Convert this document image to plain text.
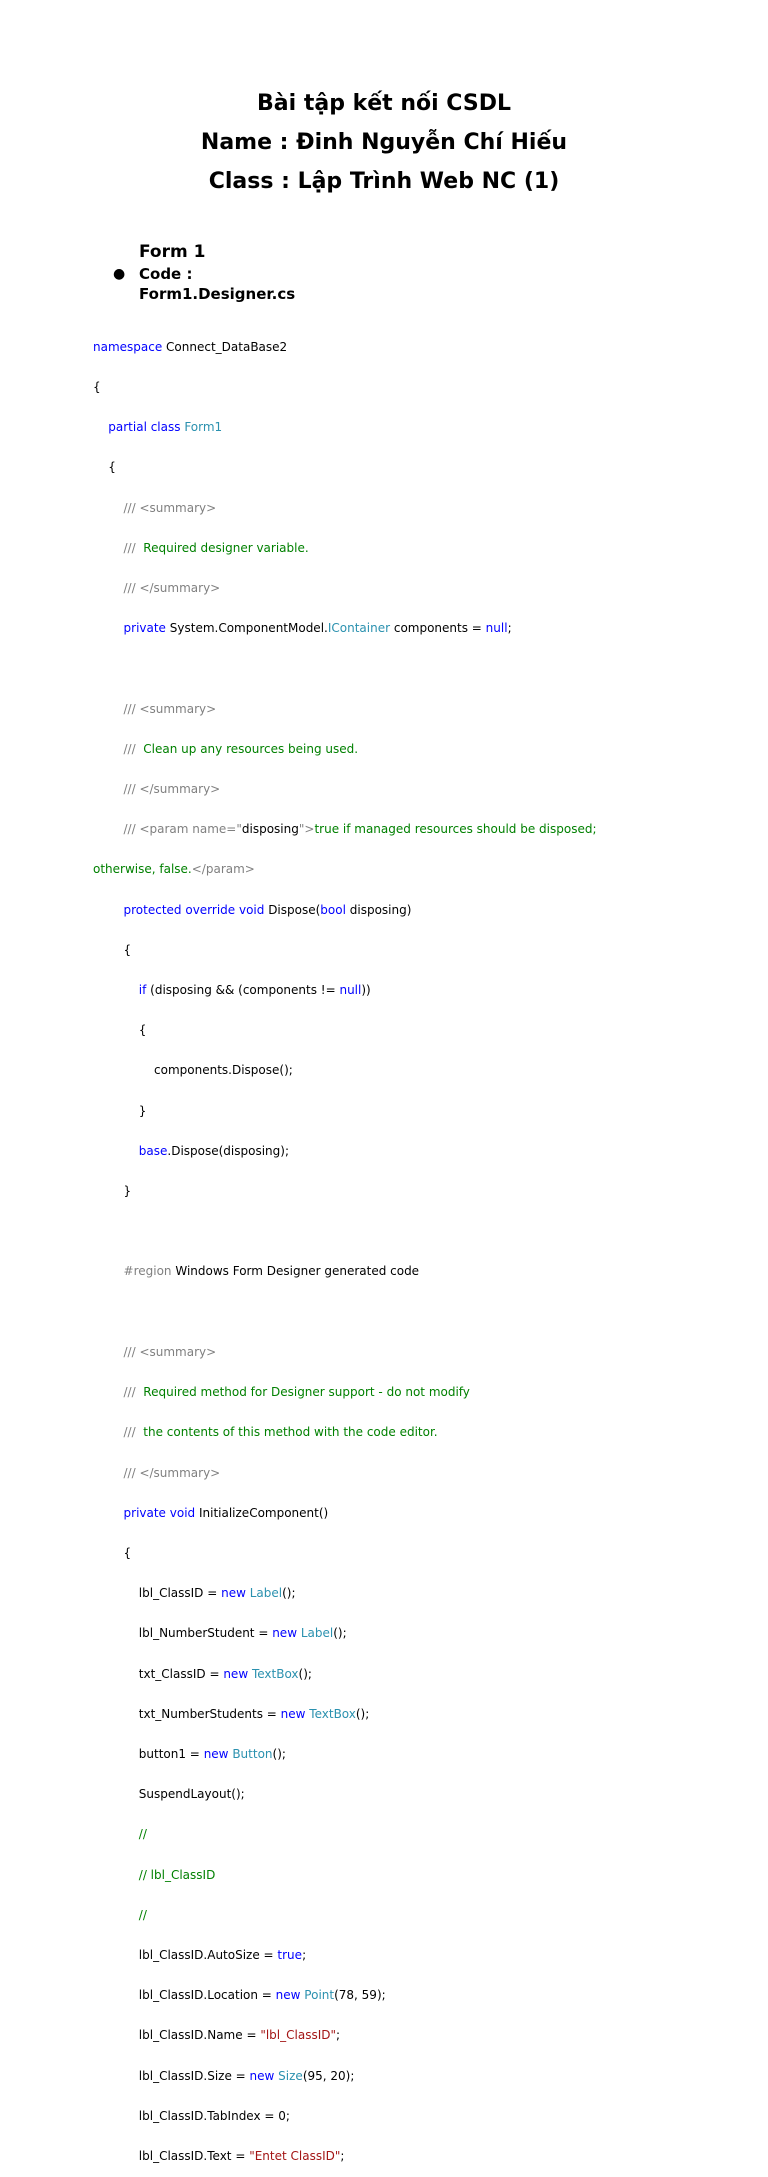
Bài tập kết nối CSDL
Name : Đinh Nguyễn Chí Hiếu
Class : Lập Trình Web NC (1)
Form 1
● Code :
Form1.Designer.cs

namespace Connect_DataBase2

{

partial class Form1

{

/// <summary>

///  Required designer variable.

/// </summary>

private System.ComponentModel.IContainer components = null;

/// <summary>

///  Clean up any resources being used.

/// </summary>

/// <param name="disposing">true if managed resources should be disposed;

otherwise, false.</param>

protected override void Dispose(bool disposing)

{

if (disposing && (components != null))

{

components.Dispose();

}

base.Dispose(disposing);

}

#region Windows Form Designer generated code

/// <summary>

///  Required method for Designer support - do not modify

///  the contents of this method with the code editor.

/// </summary>

private void InitializeComponent()

{

lbl_ClassID = new Label();

lbl_NumberStudent = new Label();

txt_ClassID = new TextBox();

txt_NumberStudents = new TextBox();

button1 = new Button();

SuspendLayout();

//

// lbl_ClassID

//

lbl_ClassID.AutoSize = true;

lbl_ClassID.Location = new Point(78, 59);

lbl_ClassID.Name = "lbl_ClassID";

lbl_ClassID.Size = new Size(95, 20);

lbl_ClassID.TabIndex = 0;

lbl_ClassID.Text = "Entet ClassID";
